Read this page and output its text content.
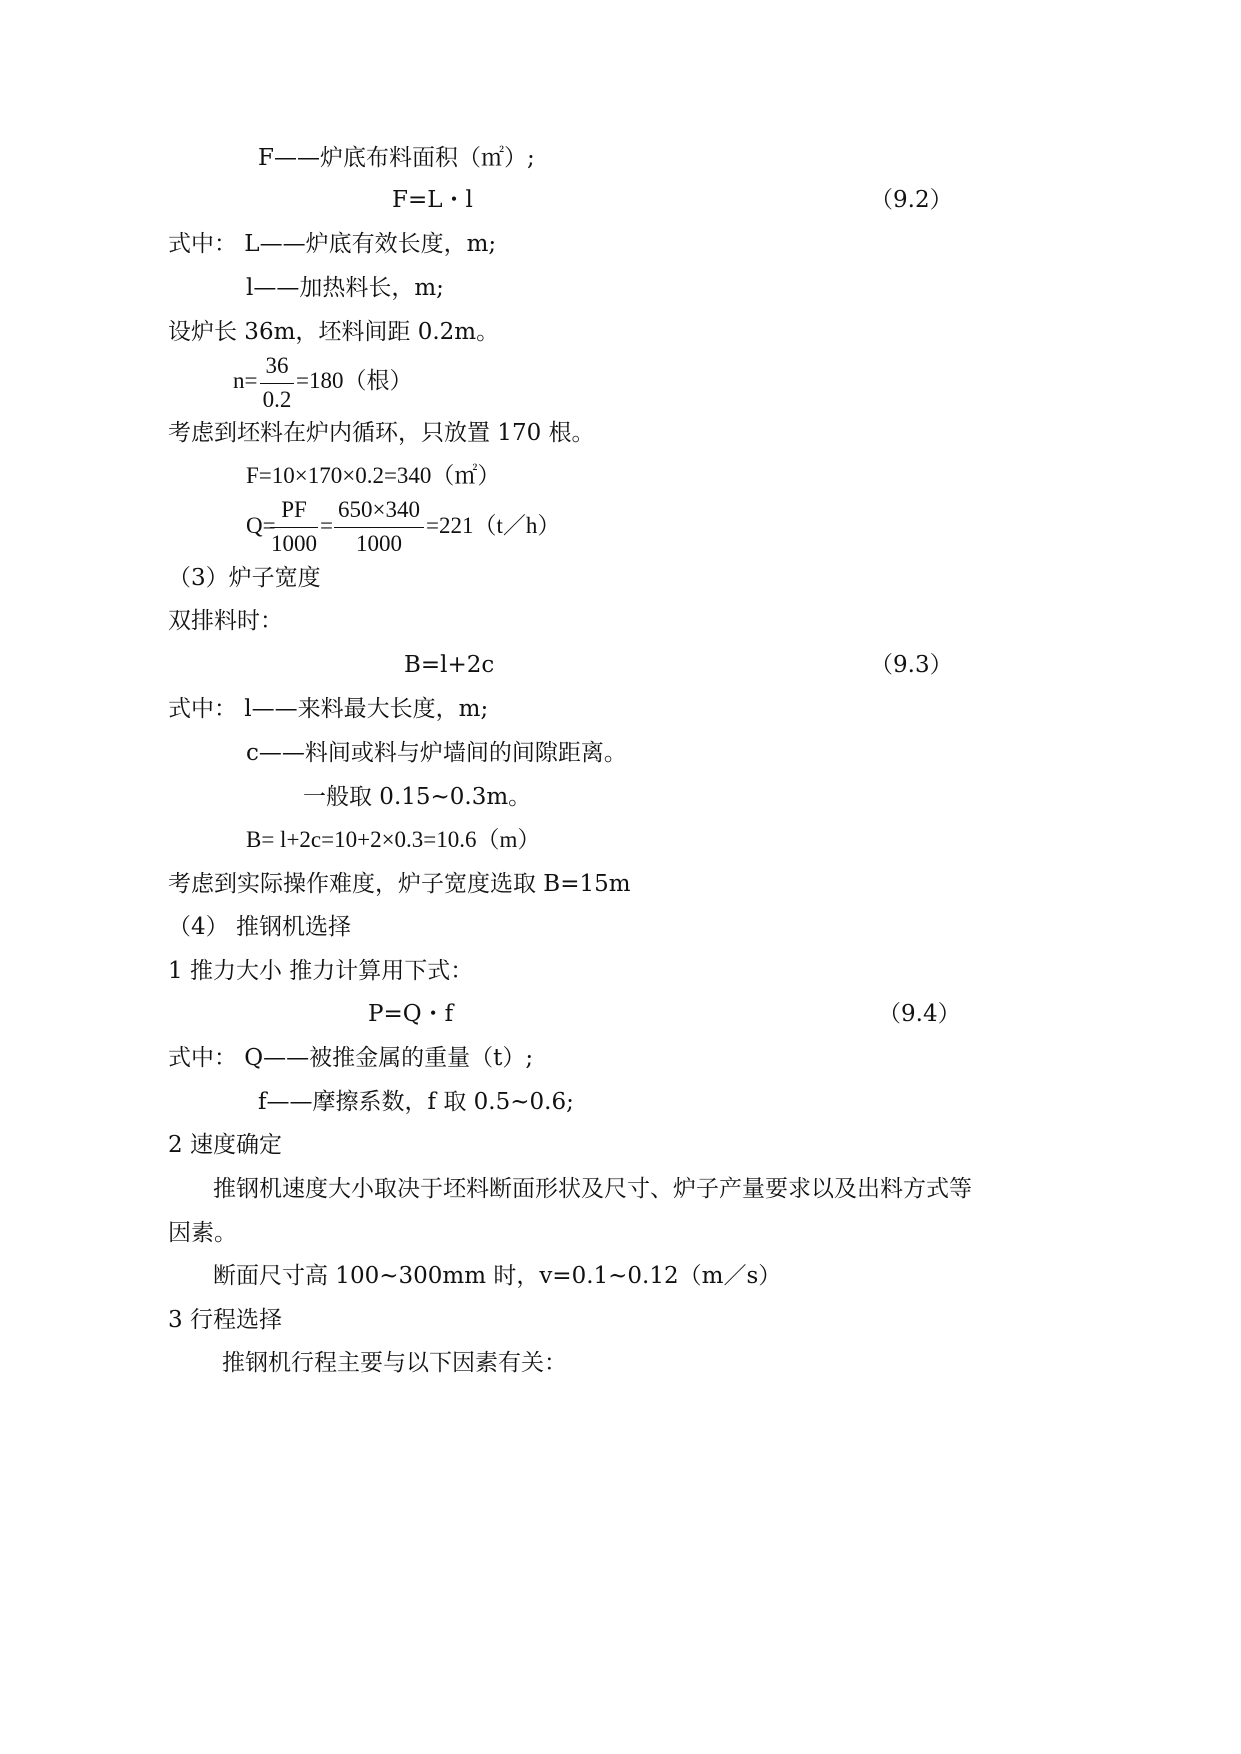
F——炉底布料面积（㎡）;
F=L・l	（9.2）
式中： L——炉底有效长度，m;
l——加热料长，m;
设炉长 36m，坯料间距 0.2m。
n=
36
0.2
=180（根）
考虑到坯料在炉内循环，只放置 170 根。
F=10×170×0.2=340（㎡）
Q=
PF
1000
=
650×340
1000
=221（t／h）
（3）炉子宽度
双排料时：
B=l+2c	（9.3）
式中： l——来料最大长度，m;
c——料间或料与炉墙间的间隙距离。
一般取 0.15~0.3m。
B= l+2c=10+2×0.3=10.6（m）
考虑到实际操作难度，炉子宽度选取 B=15m
（4） 推钢机选择
1 推力大小 推力计算用下式：
P=Q・f	（9.4）
式中： Q——被推金属的重量（t）;
f——摩擦系数，f 取 0.5~0.6;
2 速度确定
推钢机速度大小取决于坯料断面形状及尺寸、炉子产量要求以及出料方式等
因素。
断面尺寸高 100~300mm 时，v=0.1~0.12（m／s）
3 行程选择
推钢机行程主要与以下因素有关：
